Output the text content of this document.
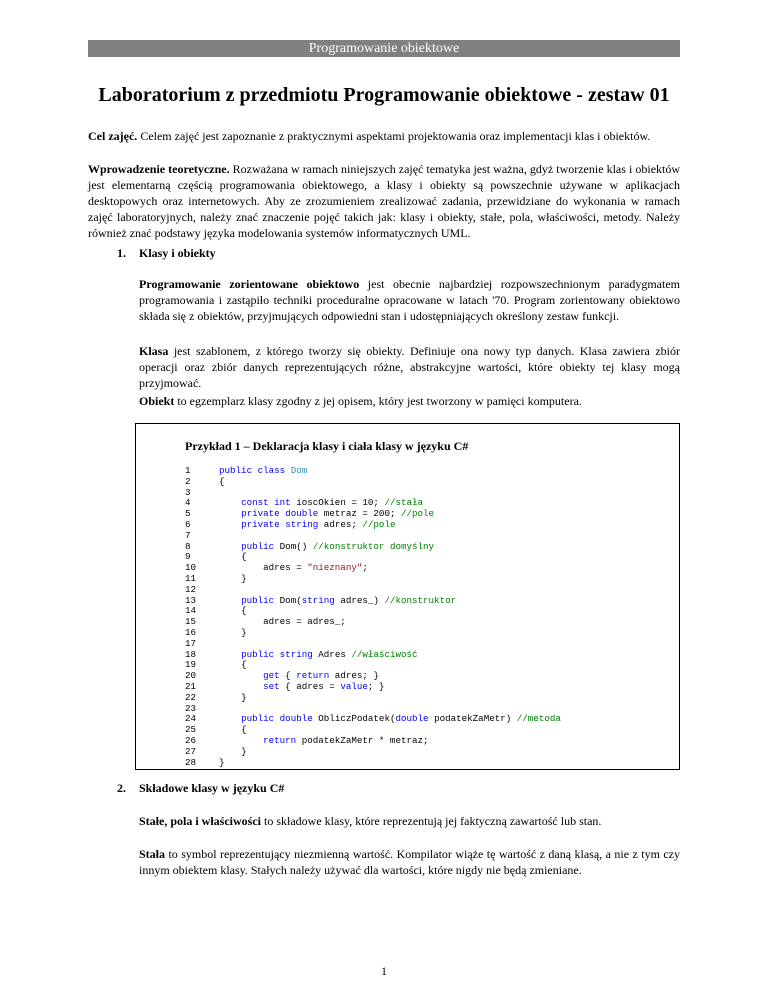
Programowanie obiektowe
Laboratorium z przedmiotu Programowanie obiektowe - zestaw 01

Cel zajęć. Celem zajęć jest zapoznanie z praktycznymi aspektami projektowania oraz implementacji klas i obiektów.

Wprowadzenie teoretyczne. Rozważana w ramach niniejszych zajęć tematyka jest ważna, gdyż tworzenie klas i obiektów jest elementarną częścią programowania obiektowego, a klasy i obiekty są powszechnie używane w aplikacjach desktopowych oraz internetowych. Aby ze zrozumieniem zrealizować zadania, przewidziane do wykonania w ramach zajęć laboratoryjnych, należy znać znaczenie pojęć takich jak: klasy i obiekty, stałe, pola, właściwości, metody. Należy również znać podstawy języka modelowania systemów informatycznych UML.

1. Klasy i obiekty

Programowanie zorientowane obiektowo jest obecnie najbardziej rozpowszechnionym paradygmatem programowania i zastąpiło techniki proceduralne opracowane w latach '70. Program zorientowany obiektowo składa się z obiektów, przyjmujących odpowiedni stan i udostępniających określony zestaw funkcji.

Klasa jest szablonem, z którego tworzy się obiekty. Definiuje ona nowy typ danych. Klasa zawiera zbiór operacji oraz zbiór danych reprezentujących różne, abstrakcyjne wartości, które obiekty tej klasy mogą przyjmować.

Obiekt to egzemplarz klasy zgodny z jej opisem, który jest tworzony w pamięci komputera.

Przykład 1 – Deklaracja klasy i ciała klasy w języku C#
1	public class Dom
2	{
3
4	const int ioscOkien = 10; //stała
5	private double metraz = 200; //pole
6	private string adres; //pole
7
8	public Dom() //konstruktor domyślny
9	{
10	adres = "nieznany";
11	}
12
13	public Dom(string adres_) //konstruktor
14	{
15	adres = adres_;
16	}
17
18	public string Adres //właściwość
19	{
20	get { return adres; }
21	set { adres = value; }
22	}
23
24	public double ObliczPodatek(double podatekZaMetr) //metoda
25	{
26	return podatekZaMetr * metraz;
27	}
28 }
2. Składowe klasy w języku C#

Stałe, pola i właściwości to składowe klasy, które reprezentują jej faktyczną zawartość lub stan.

Stała to symbol reprezentujący niezmienną wartość. Kompilator wiąże tę wartość z daną klasą, a nie z tym czy innym obiektem klasy. Stałych należy używać dla wartości, które nigdy nie będą zmieniane.

1
